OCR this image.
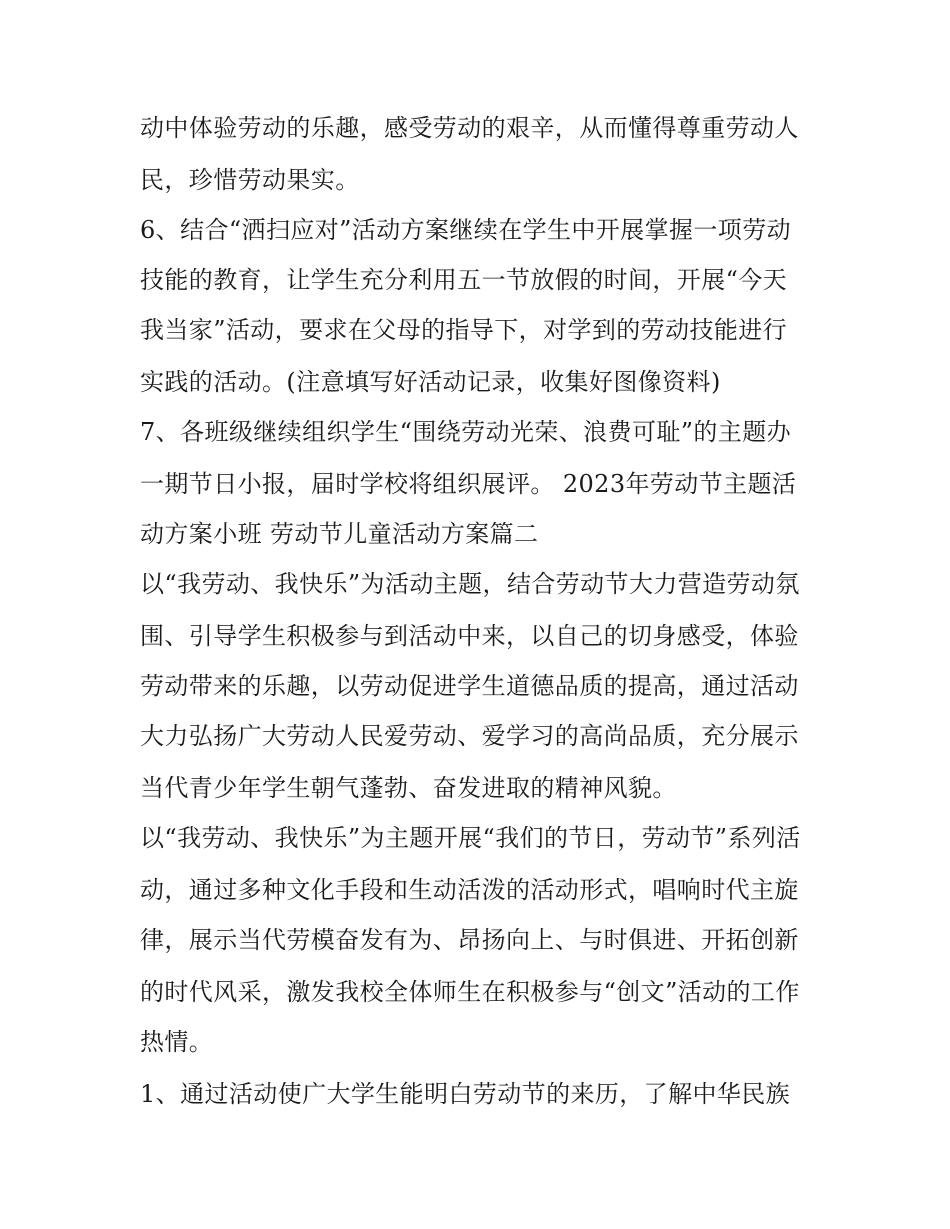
动中体验劳动的乐趣，感受劳动的艰辛，从而懂得尊重劳动人
民，珍惜劳动果实。
6、结合“洒扫应对”活动方案继续在学生中开展掌握一项劳动
技能的教育，让学生充分利用五一节放假的时间，开展“今天
我当家”活动，要求在父母的指导下，对学到的劳动技能进行
实践的活动。(注意填写好活动记录，收集好图像资料)
7、各班级继续组织学生“围绕劳动光荣、浪费可耻”的主题办
一期节日小报，届时学校将组织展评。 2023年劳动节主题活
动方案小班 劳动节儿童活动方案篇二
以“我劳动、我快乐”为活动主题，结合劳动节大力营造劳动氛
围、引导学生积极参与到活动中来，以自己的切身感受，体验
劳动带来的乐趣，以劳动促进学生道德品质的提高，通过活动
大力弘扬广大劳动人民爱劳动、爱学习的高尚品质，充分展示
当代青少年学生朝气蓬勃、奋发进取的精神风貌。
以“我劳动、我快乐”为主题开展“我们的节日，劳动节”系列活
动，通过多种文化手段和生动活泼的活动形式，唱响时代主旋
律，展示当代劳模奋发有为、昂扬向上、与时俱进、开拓创新
的时代风采，激发我校全体师生在积极参与“创文”活动的工作
热情。
1、通过活动使广大学生能明白劳动节的来历，了解中华民族
